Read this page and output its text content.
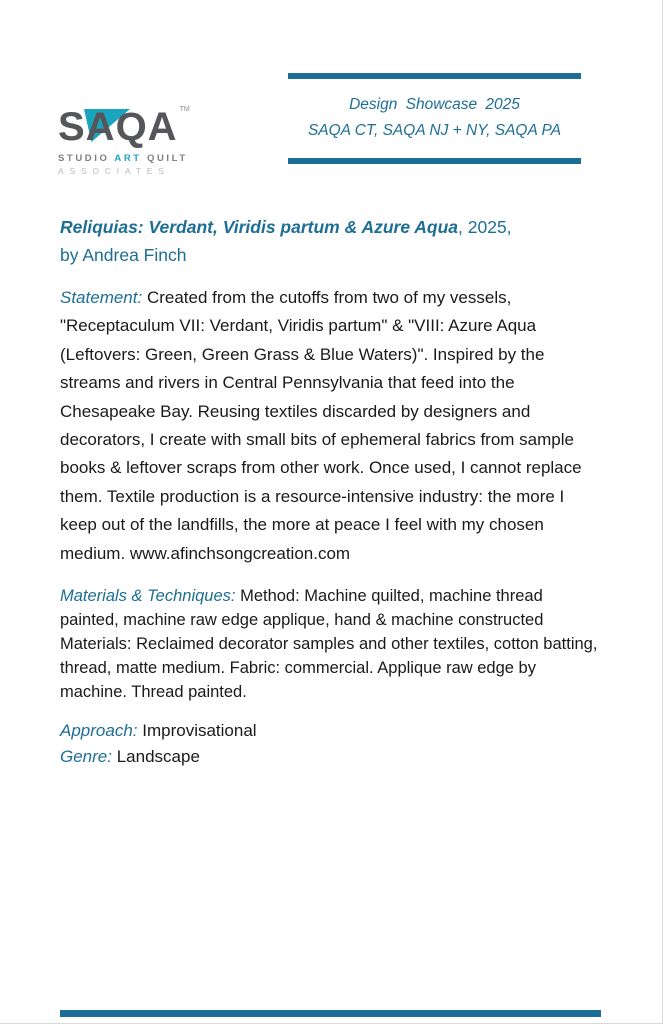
Design Showcase 2025
SAQA CT, SAQA NJ + NY, SAQA PA
SAQA ™
STUDIO ART QUILT
ASSOCIATES

Reliquias: Verdant, Viridis partum & Azure Aqua, 2025,
by Andrea Finch

Statement: Created from the cutoffs from two of my vessels, "Receptaculum VII: Verdant, Viridis partum" & "VIII: Azure Aqua (Leftovers: Green, Green Grass & Blue Waters)". Inspired by the streams and rivers in Central Pennsylvania that feed into the Chesapeake Bay. Reusing textiles discarded by designers and decorators, I create with small bits of ephemeral fabrics from sample books & leftover scraps from other work. Once used, I cannot replace them. Textile production is a resource-intensive industry: the more I keep out of the landfills, the more at peace I feel with my chosen medium. www.afinchsongcreation.com

Materials & Techniques: Method: Machine quilted, machine thread painted, machine raw edge applique, hand & machine constructed Materials: Reclaimed decorator samples and other textiles, cotton batting, thread, matte medium. Fabric: commercial. Applique raw edge by machine. Thread painted.

Approach: Improvisational

Genre: Landscape
